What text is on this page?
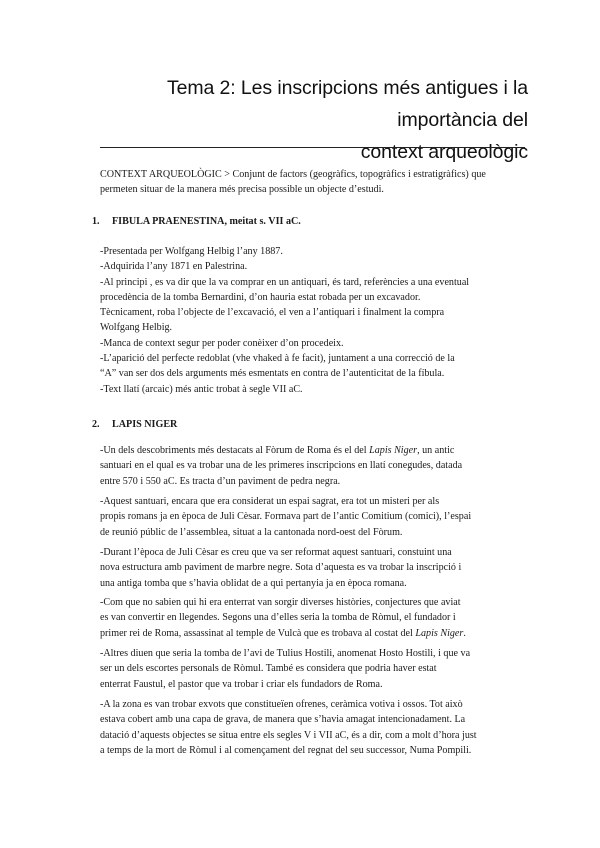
Tema 2: Les inscripcions més antigues i la importància del
context arqueològic
CONTEXT ARQUEOLÒGIC > Conjunt de factors (geogràfics, topogràfics i estratigràfics) que
permeten situar de la manera més precisa possible un objecte d’estudi.
1. FIBULA PRAENESTINA, meitat s. VII aC.
-Presentada per Wolfgang Helbig l’any 1887.
-Adquirida l’any 1871 en Palestrina.
-Al principi , es va dir que la va comprar en un antiquari, és tard, referències a una eventual
procedència de la tomba Bernardini, d’on hauria estat robada per un excavador.
Tècnicament, roba l’objecte de l’excavació, el ven a l’antiquari i finalment la compra
Wolfgang Helbig.
-Manca de context segur per poder conèixer d’on procedeix.
-L’aparició del perfecte redoblat (vhe vhaked à fe facit), juntament a una correcció de la
“A” van ser dos dels arguments més esmentats en contra de l’autenticitat de la fíbula.
-Text llatí (arcaic) més antic trobat à segle VII aC.
2. LAPIS NIGER
-Un dels descobriments més destacats al Fòrum de Roma és el del Lapis Niger, un antic
santuari en el qual es va trobar una de les primeres inscripcions en llatí conegudes, datada
entre 570 i 550 aC. Es tracta d’un paviment de pedra negra.
-Aquest santuari, encara que era considerat un espai sagrat, era tot un misteri per als
propis romans ja en època de Juli Cèsar. Formava part de l’antic Comitium (comici), l’espai
de reunió públic de l’assemblea, situat a la cantonada nord-oest del Fòrum.
-Durant l’època de Juli Cèsar es creu que va ser reformat aquest santuari, constuint una
nova estructura amb paviment de marbre negre. Sota d’aquesta es va trobar la inscripció i
una antiga tomba que s’havia oblidat de a qui pertanyia ja en època romana.
-Com que no sabien qui hi era enterrat van sorgir diverses històries, conjectures que aviat
es van convertir en llegendes. Segons una d’elles seria la tomba de Ròmul, el fundador i
primer rei de Roma, assassinat al temple de Vulcà que es trobava al costat del Lapis Niger.
-Altres diuen que seria la tomba de l’avi de Tulius Hostili, anomenat Hosto Hostili, i que va
ser un dels escortes personals de Ròmul. També es considera que podria haver estat
enterrat Faustul, el pastor que va trobar i criar els fundadors de Roma.
-A la zona es van trobar exvots que constitueïen ofrenes, ceràmica votiva i ossos. Tot això
estava cobert amb una capa de grava, de manera que s’havia amagat intencionadament. La
datació d’aquests objectes se situa entre els segles V i VII aC, és a dir, com a molt d’hora just
a temps de la mort de Ròmul i al començament del regnat del seu successor, Numa Pompili.
